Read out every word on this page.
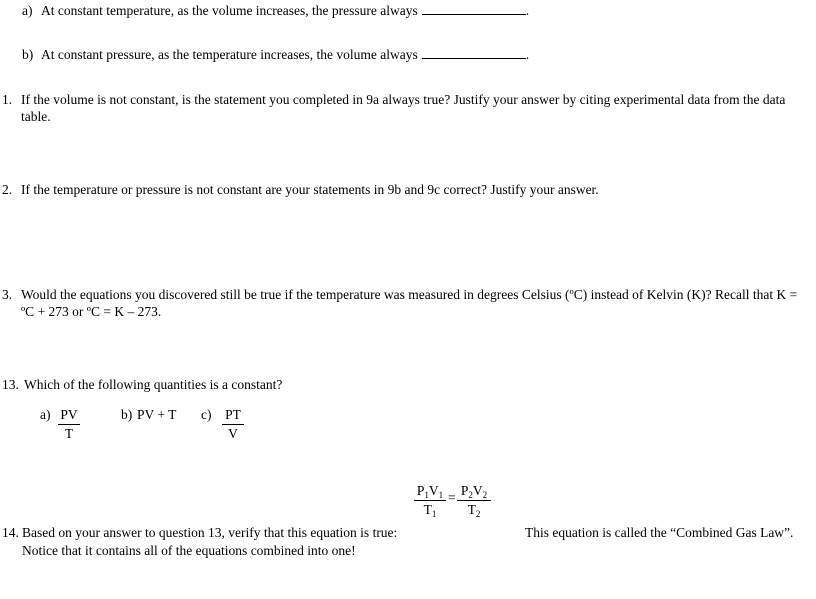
a) At constant temperature, as the volume increases, the pressure always	.
b) At constant pressure, as the temperature increases, the volume always	.
1. If the volume is not constant, is the statement you completed in 9a always true? Justify your answer by citing experimental data from the data
table.
2. If the temperature or pressure is not constant are your statements in 9b and 9c correct? Justify your answer.
3. Would the equations you discovered still be true if the temperature was measured in degrees Celsius (ºC) instead of Kelvin (K)? Recall that K =
ºC + 273 or ºC = K – 273.
13. Which of the following quantities is a constant?
$a) \frac{PV}{T}$	b) PV + T $c) \frac{PT}{V}$
$\frac{P_1V_1}{T_1} = \frac{P_2V_2}{T_2}$
14. Based on your answer to question 13, verify that this equation is true:
Notice that it contains all of the equations combined into one!
This equation is called the “Combined Gas Law”.
